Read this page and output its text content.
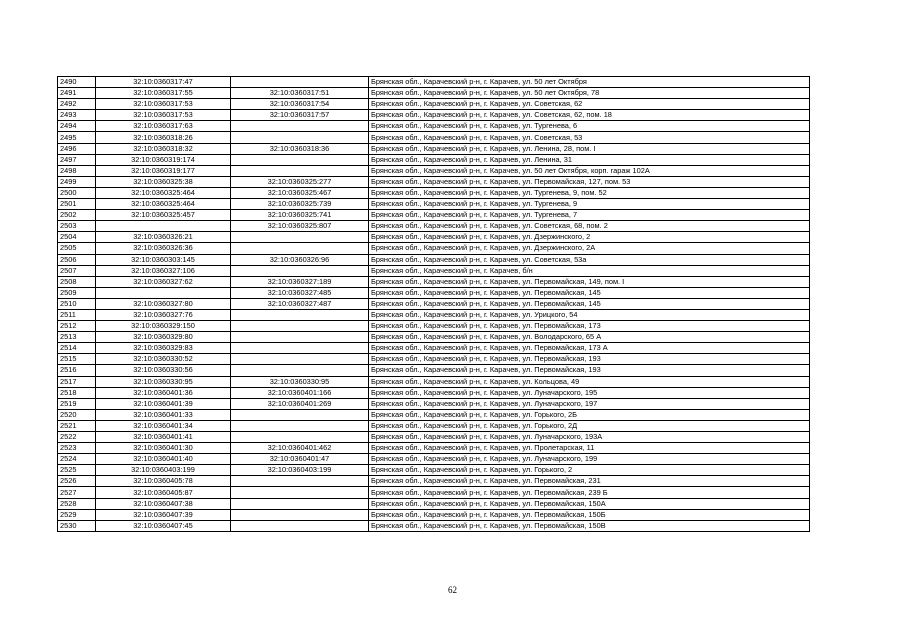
2490	32:10:0360317:47		Брянская обл., Карачевский р-н, г. Карачев, ул. 50 лет Октября
2491	32:10:0360317:55	32:10:0360317:51	Брянская обл., Карачевский р-н, г. Карачев, ул. 50 лет Октября, 78
2492	32:10:0360317:53	32:10:0360317:54	Брянская обл., Карачевский р-н, г. Карачев, ул. Советская, 62
2493	32:10:0360317:53	32:10:0360317:57	Брянская обл., Карачевский р-н, г. Карачев, ул. Советская, 62, пом. 18
2494	32:10:0360317:63		Брянская обл., Карачевский р-н, г. Карачев, ул. Тургенева, 6
2495	32:10:0360318:26		Брянская обл., Карачевский р-н, г. Карачев, ул. Советская, 53
2496	32:10:0360318:32	32:10:0360318:36	Брянская обл., Карачевский р-н, г. Карачев, ул. Ленина, 28, пом. I
2497	32:10:0360319:174		Брянская обл., Карачевский р-н, г. Карачев, ул. Ленина, 31
2498	32:10:0360319:177		Брянская обл., Карачевский р-н, г. Карачев, ул. 50 лет Октября, корп. гараж 102А
2499	32:10:0360325:38	32:10:0360325:277	Брянская обл., Карачевский р-н, г. Карачев, ул. Первомайская, 127, пом. 53
2500	32:10:0360325:464	32:10:0360325:467	Брянская обл., Карачевский р-н, г. Карачев, ул. Тургенева, 9, пом. 52
2501	32:10:0360325:464	32:10:0360325:739	Брянская обл., Карачевский р-н, г. Карачев, ул. Тургенева, 9
2502	32:10:0360325:457	32:10:0360325:741	Брянская обл., Карачевский р-н, г. Карачев, ул. Тургенева, 7
2503		32:10:0360325:807	Брянская обл., Карачевский р-н, г. Карачев, ул. Советская, 68, пом. 2
2504	32:10:0360326:21		Брянская обл., Карачевский р-н, г. Карачев, ул. Дзержинского, 2
2505	32:10:0360326:36		Брянская обл., Карачевский р-н, г. Карачев, ул. Дзержинского, 2А
2506	32:10:0360303:145	32:10:0360326:96	Брянская обл., Карачевский р-н, г. Карачев, ул. Советская, 53а
2507	32:10:0360327:106		Брянская обл., Карачевский р-н, г. Карачев, б/н
2508	32:10:0360327:62	32:10:0360327:189	Брянская обл., Карачевский р-н, г. Карачев, ул. Первомайская, 149, пом. I
2509		32:10:0360327:485	Брянская обл., Карачевский р-н, г. Карачев, ул. Первомайская, 145
2510	32:10:0360327:80	32:10:0360327:487	Брянская обл., Карачевский р-н, г. Карачев, ул. Первомайская, 145
2511	32:10:0360327:76		Брянская обл., Карачевский р-н, г. Карачев, ул. Урицкого, 54
2512	32:10:0360329:150		Брянская обл., Карачевский р-н, г. Карачев, ул. Первомайская, 173
2513	32:10:0360329:80		Брянская обл., Карачевский р-н, г. Карачев, ул. Володарского, 65 А
2514	32:10:0360329:83		Брянская обл., Карачевский р-н, г. Карачев, ул. Первомайская, 173 А
2515	32:10:0360330:52		Брянская обл., Карачевский р-н, г. Карачев, ул. Первомайская, 193
2516	32:10:0360330:56		Брянская обл., Карачевский р-н, г. Карачев, ул. Первомайская, 193
2517	32:10:0360330:95	32:10:0360330:95	Брянская обл., Карачевский р-н, г. Карачев, ул. Кольцова, 49
2518	32:10:0360401:36	32:10:0360401:166	Брянская обл., Карачевский р-н, г. Карачев, ул. Луначарского, 195
2519	32:10:0360401:39	32:10:0360401:269	Брянская обл., Карачевский р-н, г. Карачев, ул. Луначарского, 197
2520	32:10:0360401:33		Брянская обл., Карачевский р-н, г. Карачев, ул. Горького, 2Б
2521	32:10:0360401:34		Брянская обл., Карачевский р-н, г. Карачев, ул. Горького, 2Д
2522	32:10:0360401:41		Брянская обл., Карачевский р-н, г. Карачев, ул. Луначарского, 193А
2523	32:10:0360401:30	32:10:0360401:462	Брянская обл., Карачевский р-н, г. Карачев, ул. Пролетарская, 11
2524	32:10:0360401:40	32:10:0360401:47	Брянская обл., Карачевский р-н, г. Карачев, ул. Луначарского, 199
2525	32:10:0360403:199	32:10:0360403:199	Брянская обл., Карачевский р-н, г. Карачев, ул. Горького, 2
2526	32:10:0360405:78		Брянская обл., Карачевский р-н, г. Карачев, ул. Первомайская, 231
2527	32:10:0360405:87		Брянская обл., Карачевский р-н, г. Карачев, ул. Первомайская, 239 Б
2528	32:10:0360407:38		Брянская обл., Карачевский р-н, г. Карачев, ул. Первомайская, 150А
2529	32:10:0360407:39		Брянская обл., Карачевский р-н, г. Карачев, ул. Первомайская, 150Б
2530	32:10:0360407:45		Брянская обл., Карачевский р-н, г. Карачев, ул. Первомайская, 150В
62
